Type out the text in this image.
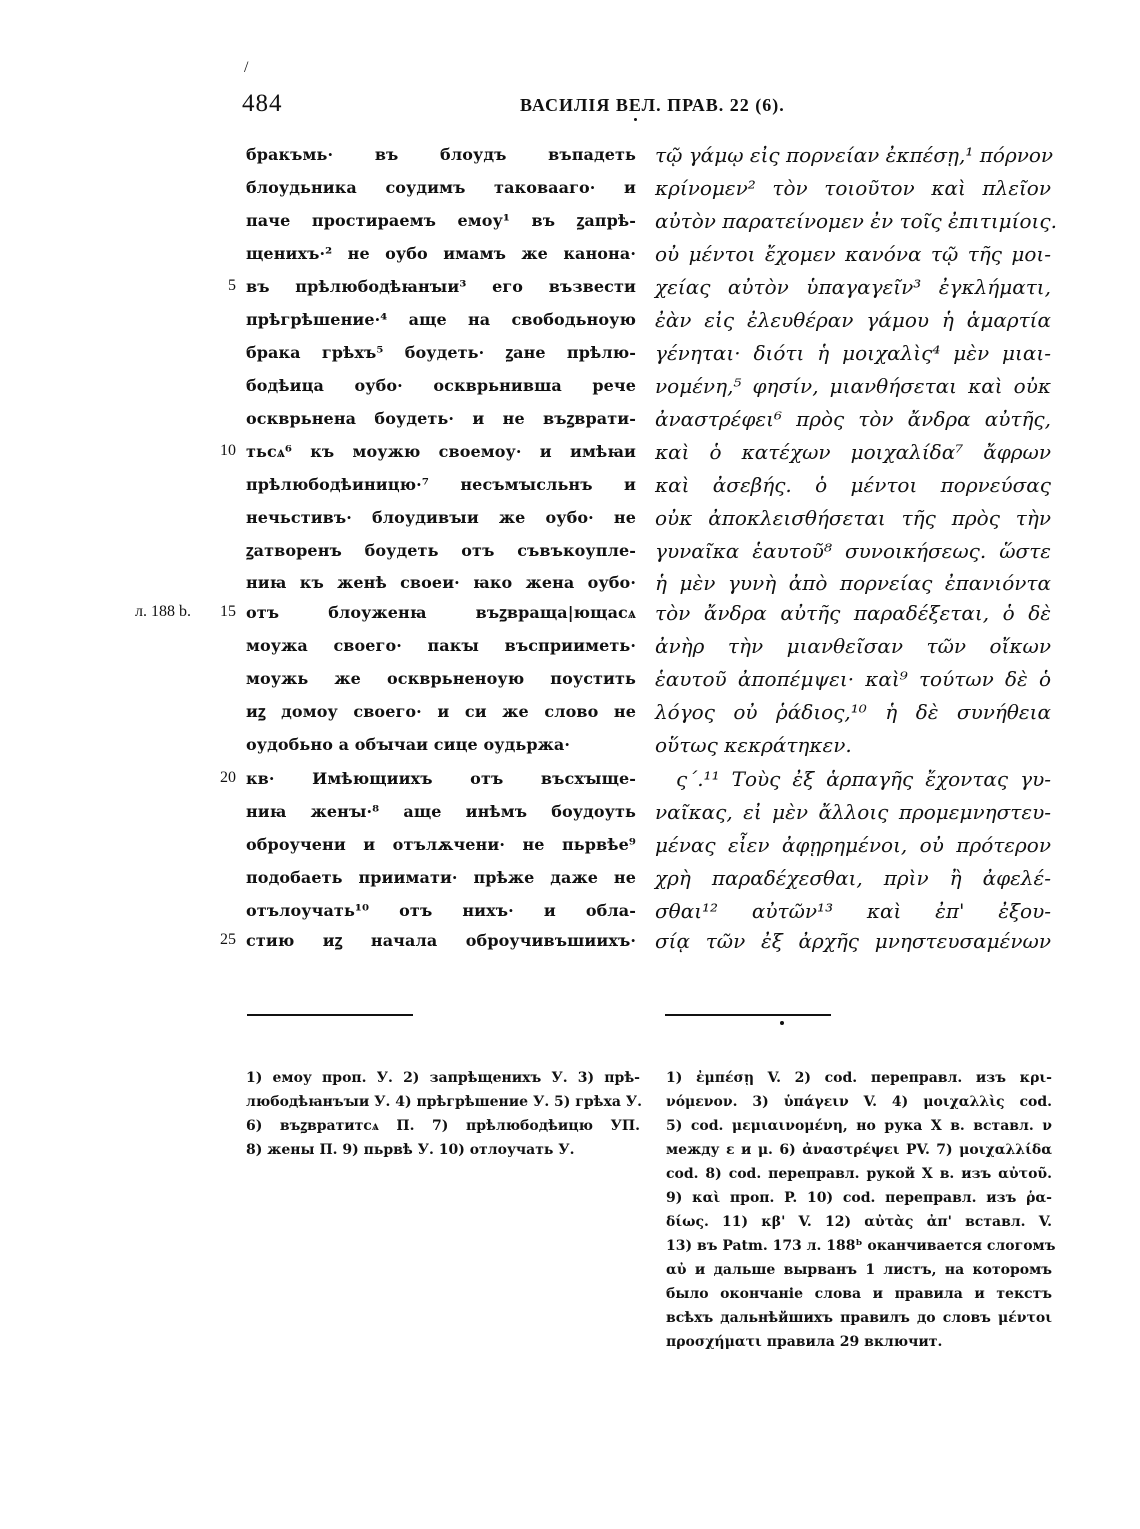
/
484	ВАСИЛІЯ ВЕЛ. ПРАВ. 22 (6).
5
10
15
20
25
л. 188 b.
бракъмь· въ блоудъ въпадеть
блоудьника соудимъ таковааго· и
паче простираемъ емоу¹ въ ꙁапрѣ-
щенихъ·² не оубо имамъ же канона·
въ прѣлюбодѣꙗнꙑи³ его възвести
прѣгрѣшение·⁴ аще на свободьноую
брака грѣхъ⁵ боудеть· ꙁане прѣлю-
бодѣица оубо· оскврьнивша рече
оскврьнена боудеть· и не въꙁврати-
тьсѧ⁶ къ моужю своемоу· и имѣꙗи
прѣлюбодѣиницю·⁷ несъмꙑсльнъ и
нечьстивъ· блоудивꙑи же оубо· не
ꙁатворенъ боудеть отъ съвъкоупле-
ниꙗ къ женѣ своеи· ꙗко жена оубо·
отъ блоуженꙗ въꙁвраща|ющасѧ
моужа своего· пакꙑ въсприиметь·
моужь же оскврьненоую поустить
иꙁ домоу своего· и си же слово не
оудобьно а обꙑчаи сице оудьржа·
кв· Имѣющиихъ отъ въсхꙑще-
ниꙗ женꙑ·⁸ аще инѣмъ боудоуть
оброучени и отълѫчени· не пьрвѣе⁹
подобаеть приимати· прѣже даже не
отълоучать¹⁰ отъ нихъ· и обла-
стию иꙁ начала оброучивъшиихъ·
τῷ γάμῳ εἰς πορνείαν ἐκπέσῃ,¹ πόρνον
κρίνομεν² τὸν τοιοῦτον καὶ πλεῖον
αὐτὸν παρατείνομεν ἐν τοῖς ἐπιτιμίοις.
οὐ μέντοι ἔχομεν κανόνα τῷ τῆς μοι-
χείας αὐτὸν ὑπαγαγεῖν³ ἐγκλήματι,
ἐὰν εἰς ἐλευθέραν γάμου ἡ ἁμαρτία
γένηται· διότι ἡ μοιχαλὶς⁴ μὲν μιαι-
νομένη,⁵ φησίν, μιανθήσεται καὶ οὐκ
ἀναστρέφει⁶ πρὸς τὸν ἄνδρα αὐτῆς,
καὶ ὁ κατέχων μοιχαλίδα⁷ ἄφρων
καὶ ἀσεβής. ὁ μέντοι πορνεύσας
οὐκ ἀποκλεισθήσεται τῆς πρὸς τὴν
γυναῖκα ἑαυτοῦ⁸ συνοικήσεως. ὥστε
ἡ μὲν γυνὴ ἀπὸ πορνείας ἐπανιόντα
τὸν ἄνδρα αὐτῆς παραδέξεται, ὁ δὲ
ἀνὴρ τὴν μιανθεῖσαν τῶν οἴκων
ἑαυτοῦ ἀποπέμψει· καὶ⁹ τούτων δὲ ὁ
λόγος οὐ ῥάδιος,¹⁰ ἡ δὲ συνήθεια
οὕτως κεκράτηκεν.
ς´.¹¹ Τοὺς ἐξ ἁρπαγῆς ἔχοντας γυ-
ναῖκας, εἰ μὲν ἄλλοις προμεμνηστευ-
μένας εἶεν ἀφῃρημένοι, οὐ πρότερον
χρὴ παραδέχεσθαι, πρὶν ἢ ἀφελέ-
σθαι¹² αὐτῶν¹³ καὶ ἐπ' ἐξου-
σίᾳ τῶν ἐξ ἀρχῆς μνηστευσαμένων
1) емоу проп. У. 2) запрѣщенихъ У. 3) прѣ-
любодѣꙗнъꙑи У. 4) прѣгрѣшение У. 5) грѣха У.
6) въꙁвратитсѧ П. 7) прѣлюбодѣицю УП.
8) жены П. 9) пьрвѣ У. 10) отлоучать У.
1) ἐμπέσῃ V. 2) cod. переправл. изъ κρι-
νόμενον. 3) ὑπάγειν V. 4) μοιχαλλὶς cod.
5) cod. μεμιαινομένη, но рука X в. вставл. ν
между ε и μ. 6) ἀναστρέψει PV. 7) μοιχαλλίδα
cod. 8) cod. переправл. рукой X в. изъ αὐτοῦ.
9) καὶ проп. P. 10) cod. переправл. изъ ῥα-
δίως. 11) κβ' V. 12) αὐτὰς ἀπ' вставл. V.
13) въ Patm. 173 л. 188ᵇ оканчивается слогомъ
αὐ и дальше вырванъ 1 листъ, на которомъ
было окончаніе слова и правила и текстъ
всѣхъ дальнѣйшихъ правилъ до словъ μέντοι
προσχήματι правила 29 включит.
